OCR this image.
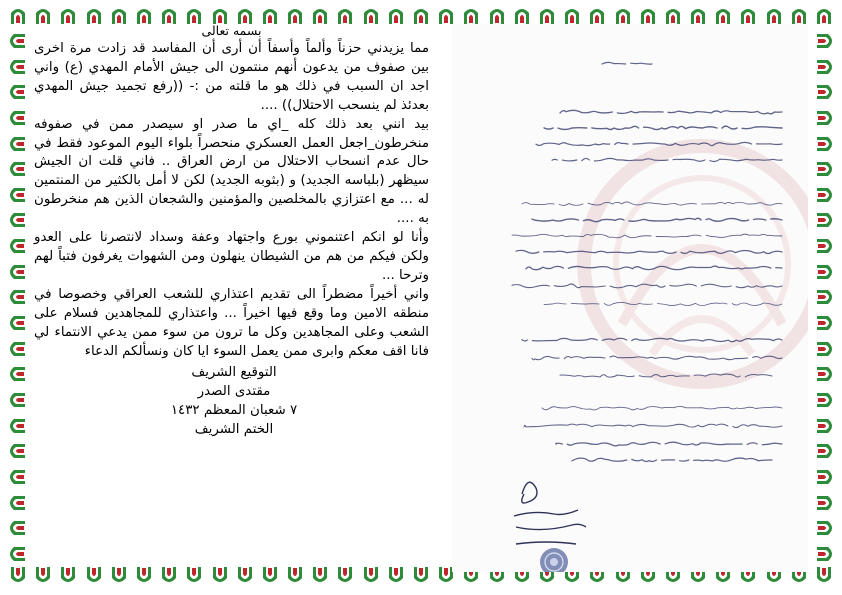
بسمه تعالى

مما يزيدني حزناً وألماً وأسفاً أن أرى أن المفاسد قد زادت مرة اخرى بين صفوف من يدعون أنهم منتمون الى جيش الأمام المهدي (ع) واني اجد ان السبب في ذلك هو ما قلته من :- ((رفع تجميد جيش المهدي بعدئذ لم ينسحب الاحتلال)) ....

بيد انني بعد ذلك كله _اي ما صدر او سيصدر ممن في صفوفه منخرطون_اجعل العمل العسكري منحصراً بلواء اليوم الموعود فقط في حال عدم انسحاب الاحتلال من ارض العراق .. فاني قلت ان الجيش سيظهر (بلباسه الجديد) و (بثوبه الجديد) لكن لا أمل بالكثير من المنتمين له ... مع اعتزازي بالمخلصين والمؤمنين والشجعان الذين هم منخرطون به ....

وأنا لو انكم اعتنموني بورع واجتهاد وعفة وسداد لانتصرنا على العدو ولكن فيكم من هم من الشيطان ينهلون ومن الشهوات يغرفون فتباً لهم وترحا ...

واني أخيراً مضطراً الى تقديم اعتذاري للشعب العراقي وخصوصا في منطقه الامين وما وقع فيها اخيراً ... واعتذاري للمجاهدين فسلام على الشعب وعلى المجاهدين وكل ما ترون من سوء ممن يدعي الانتماء لي فانا اقف معكم وابرى ممن يعمل السوء ايا كان ونسألكم الدعاء

التوقيع الشريف
مقتدى الصدر
٧ شعبان المعظم ١٤٣٢
الختم الشريف
